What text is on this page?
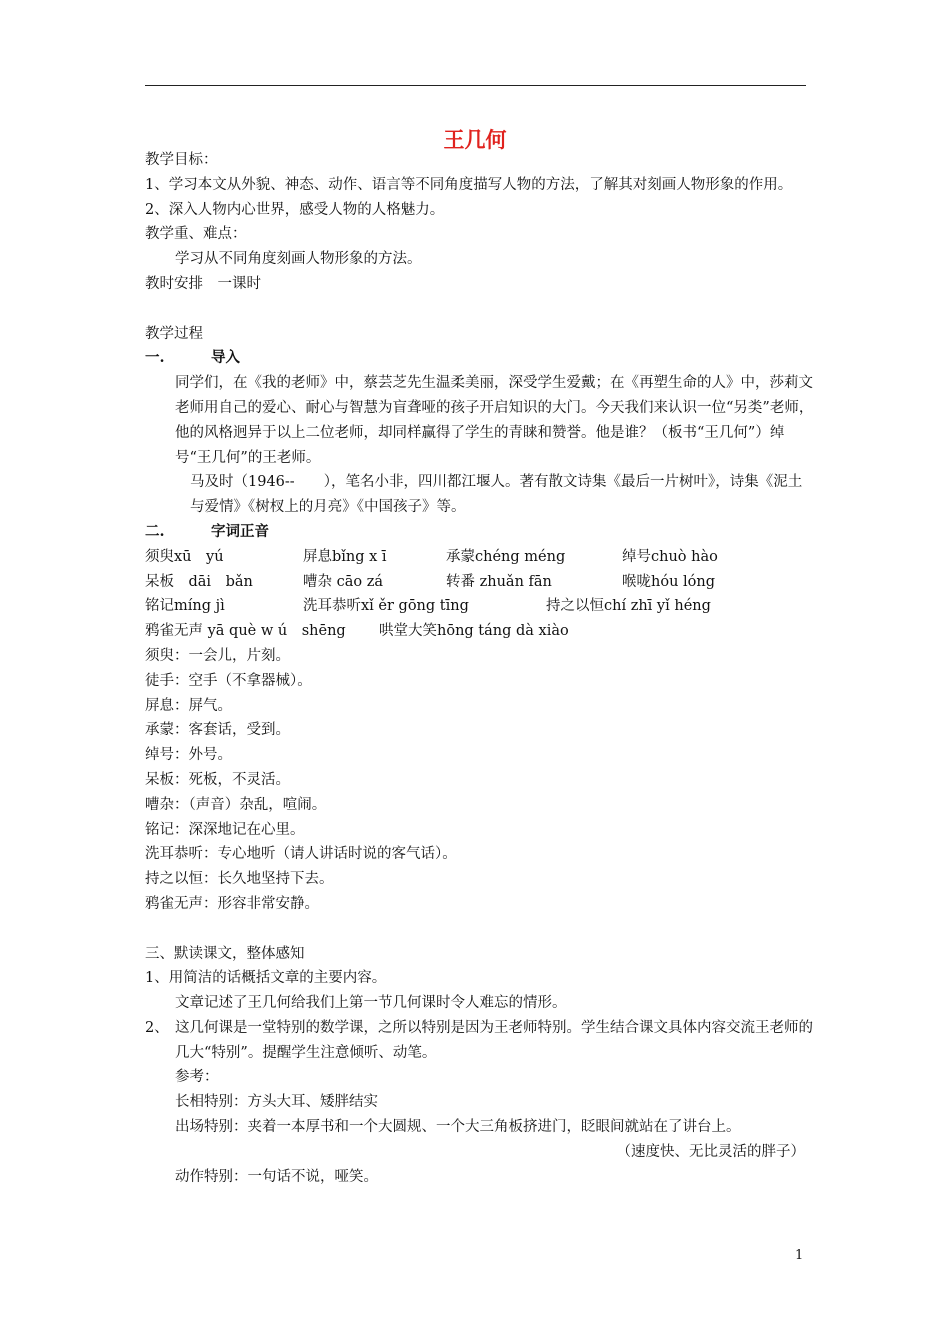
王几何

教学目标：

1、学习本文从外貌、神态、动作、语言等不同角度描写人物的方法，了解其对刻画人物形象的作用。

2、深入人物内心世界，感受人物的人格魅力。

教学重、难点：

学习从不同角度刻画人物形象的方法。

教时安排　一课时

教学过程

一.	导入

同学们，在《我的老师》中，蔡芸芝先生温柔美丽，深受学生爱戴；在《再塑生命的人》中，莎莉文老师用自己的爱心、耐心与智慧为盲聋哑的孩子开启知识的大门。今天我们来认识一位“另类”老师，他的风格迥异于以上二位老师，却同样赢得了学生的青睐和赞誉。他是谁？（板书“王几何”）绰号“王几何”的王老师。

马及时（1946--　　），笔名小非，四川都江堰人。著有散文诗集《最后一片树叶》，诗集《泥土与爱情》《树杈上的月亮》《中国孩子》等。

二.	字词正音

须臾xū　yú	屏息bǐng x ī	承蒙chéng méng	绰号chuò hào

呆板　dāi　bǎn	嘈杂 cāo zá	转番 zhuǎn fān	喉咙hóu lóng

铭记míng jì	洗耳恭听xǐ ěr gōng tīng	持之以恒chí zhī yǐ héng

鸦雀无声 yā què w ú　shēng 哄堂大笑hōng táng dà xiào

须臾：一会儿，片刻。

徒手：空手（不拿器械）。

屏息：屏气。

承蒙：客套话，受到。

绰号：外号。

呆板：死板，不灵活。

嘈杂：（声音）杂乱，喧闹。

铭记：深深地记在心里。

洗耳恭听：专心地听（请人讲话时说的客气话）。

持之以恒：长久地坚持下去。

鸦雀无声：形容非常安静。

三、默读课文，整体感知

1、用简洁的话概括文章的主要内容。

文章记述了王几何给我们上第一节几何课时令人难忘的情形。

2、 这几何课是一堂特别的数学课，之所以特别是因为王老师特别。学生结合课文具体内容交流王老师的几大“特别”。提醒学生注意倾听、动笔。

参考：

长相特别：方头大耳、矮胖结实

出场特别：夹着一本厚书和一个大圆规、一个大三角板挤进门，眨眼间就站在了讲台上。

（速度快、无比灵活的胖子）

动作特别：一句话不说，哑笑。

1
